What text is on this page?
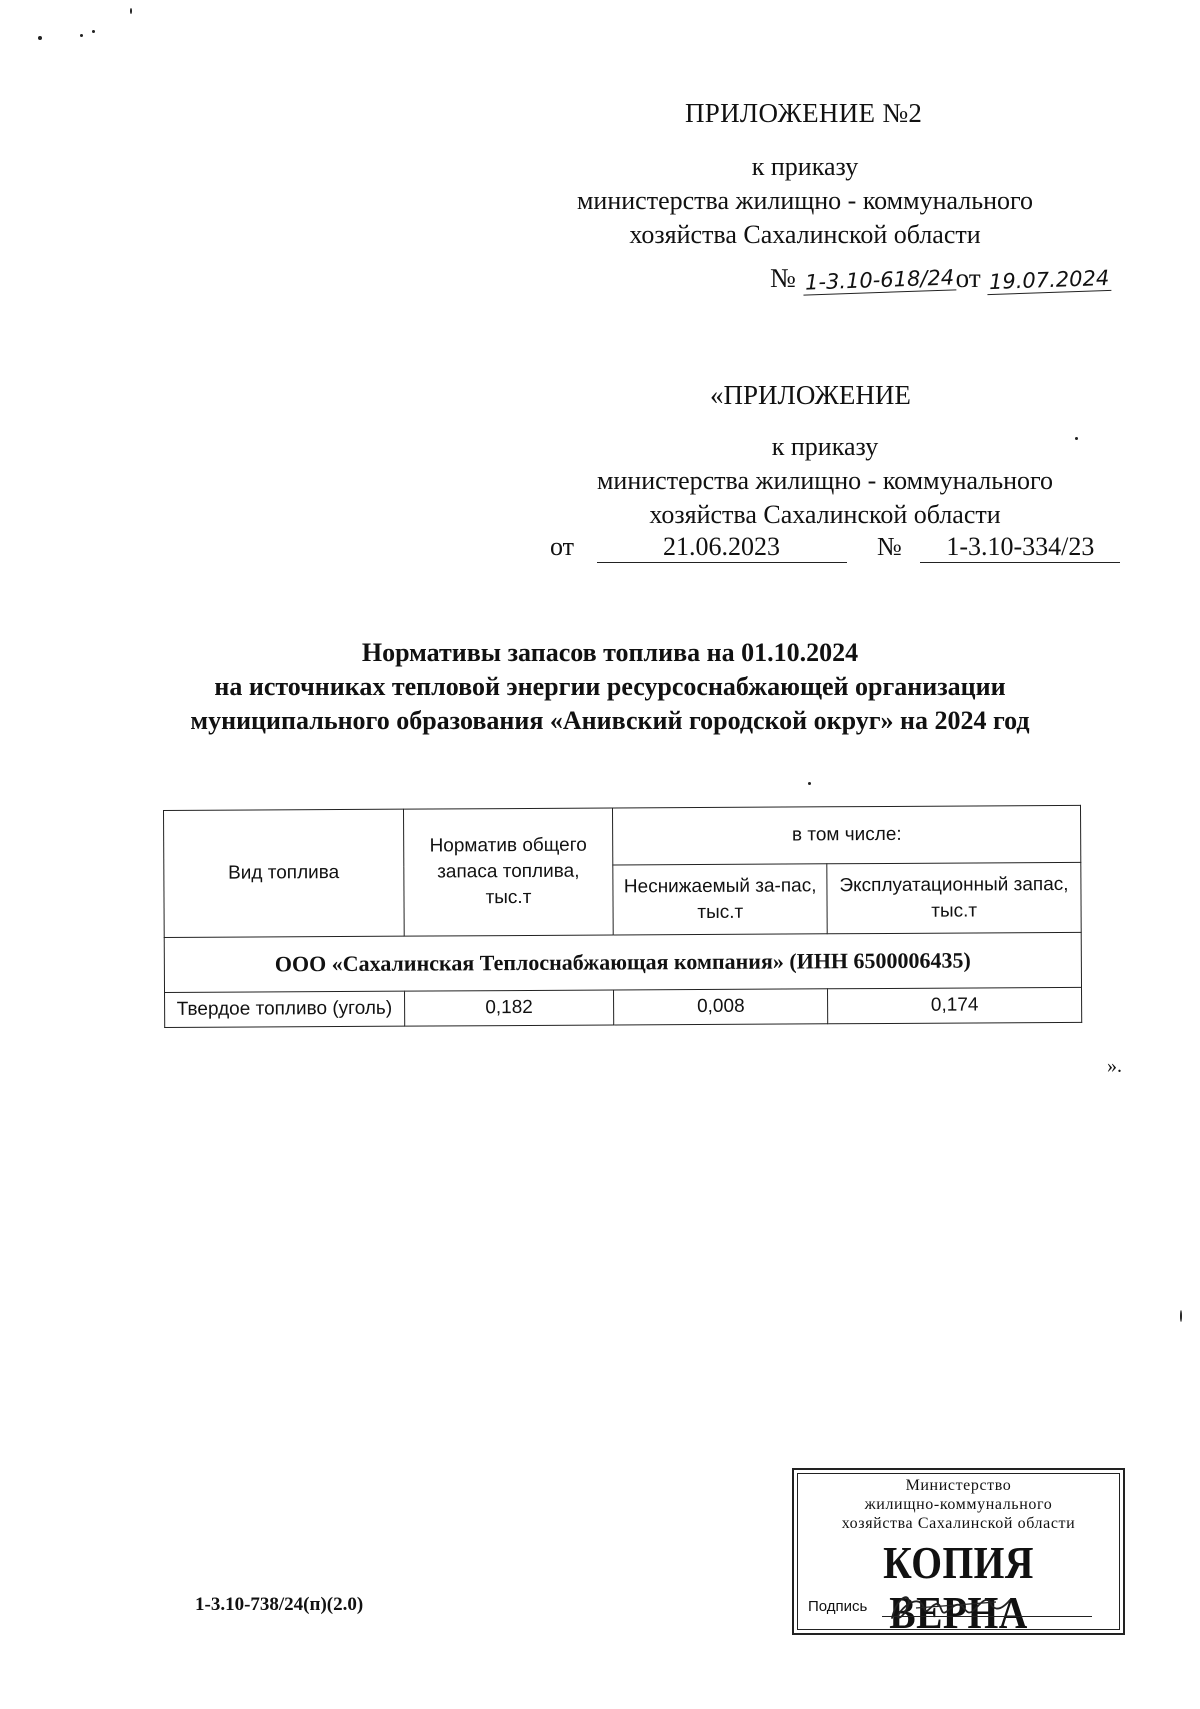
ПРИЛОЖЕНИЕ №2
к приказу
министерства жилищно - коммунального
хозяйства Сахалинской области
№ 1-3.10-618/24от 19.07.2024
«ПРИЛОЖЕНИЕ
к приказу
министерства жилищно - коммунального
хозяйства Сахалинской области
от	21.06.2023	№ 1-3.10-334/23
Нормативы запасов топлива на 01.10.2024
на источниках тепловой энергии ресурсоснабжающей организации
муниципального образования «Анивский городской округ» на 2024 год
Вид топлива	Норматив общего запаса топлива, тыс.т	в том числе:	
		Неснижаемый за-пас, тыс.т	Эксплуатационный запас, тыс.т
ООО «Сахалинская Теплоснабжающая компания» (ИНН 6500006435)			
Твердое топливо (уголь)	0,182	0,008	0,174
».
1-3.10-738/24(п)(2.0)
Министерство
жилищно-коммунального
хозяйства Сахалинской области
КОПИЯ ВЕРНА
Подпись
